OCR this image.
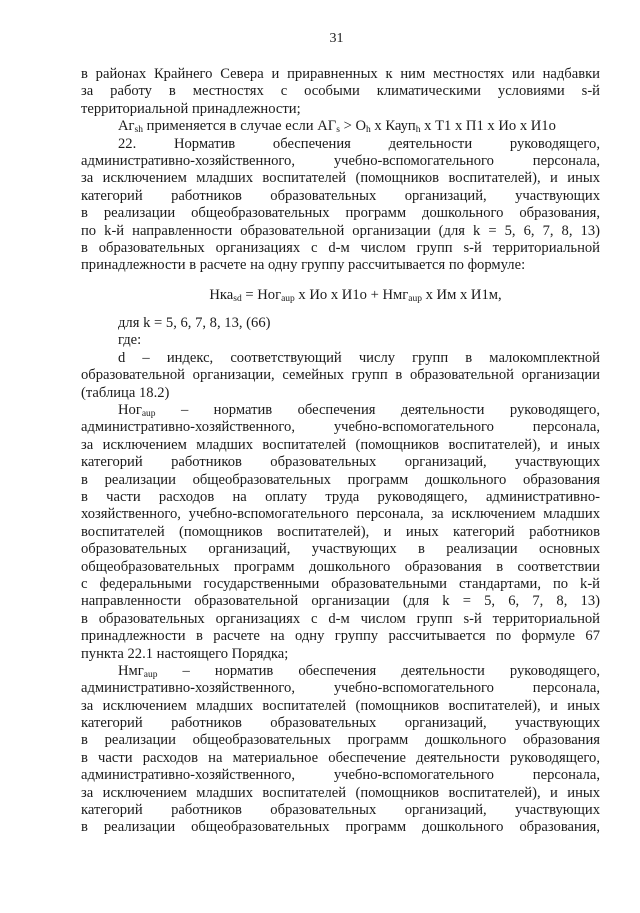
31
в районах Крайнего Севера и приравненных к ним местностях или надбавки
за работу в местностях с особыми климатическими условиями s-й
территориальной принадлежности;
$Аг_{sh}$ применяется в случае если $АГ_s > О_h$ х Кауп$_h$ х Т1 х П1 х Ио х И1о
22. Норматив обеспечения деятельности руководящего,
административно-хозяйственного, учебно-вспомогательного персонала,
за исключением младших воспитателей (помощников воспитателей), и иных
категорий работников образовательных организаций, участвующих
в реализации общеобразовательных программ дошкольного образования,
по k-й направленности образовательной организации (для k = 5, 6, 7, 8, 13)
в образовательных организациях с d-м числом групп s-й территориальной
принадлежности в расчете на одну группу рассчитывается по формуле:
Нка$_{sd}$ = Ног$_{аup}$ х Ио х И1о + Нмг$_{аup}$ х Им х И1м,
для k = 5, 6, 7, 8, 13, (66)
где:
d – индекс, соответствующий числу групп в малокомплектной
образовательной организации, семейных групп в образовательной организации
(таблица 18.2)
Ног$_{аup}$ – норматив обеспечения деятельности руководящего,
административно-хозяйственного, учебно-вспомогательного персонала,
за исключением младших воспитателей (помощников воспитателей), и иных
категорий работников образовательных организаций, участвующих
в реализации общеобразовательных программ дошкольного образования
в части расходов на оплату труда руководящего, административно-
хозяйственного, учебно-вспомогательного персонала, за исключением младших
воспитателей (помощников воспитателей), и иных категорий работников
образовательных организаций, участвующих в реализации основных
общеобразовательных программ дошкольного образования в соответствии
с федеральными государственными образовательными стандартами, по k-й
направленности образовательной организации (для k = 5, 6, 7, 8, 13)
в образовательных организациях с d-м числом групп s-й территориальной
принадлежности в расчете на одну группу рассчитывается по формуле 67
пункта 22.1 настоящего Порядка;
Нмг$_{аup}$ – норматив обеспечения деятельности руководящего,
административно-хозяйственного, учебно-вспомогательного персонала,
за исключением младших воспитателей (помощников воспитателей), и иных
категорий работников образовательных организаций, участвующих
в реализации общеобразовательных программ дошкольного образования
в части расходов на материальное обеспечение деятельности руководящего,
административно-хозяйственного, учебно-вспомогательного персонала,
за исключением младших воспитателей (помощников воспитателей), и иных
категорий работников образовательных организаций, участвующих
в реализации общеобразовательных программ дошкольного образования,
